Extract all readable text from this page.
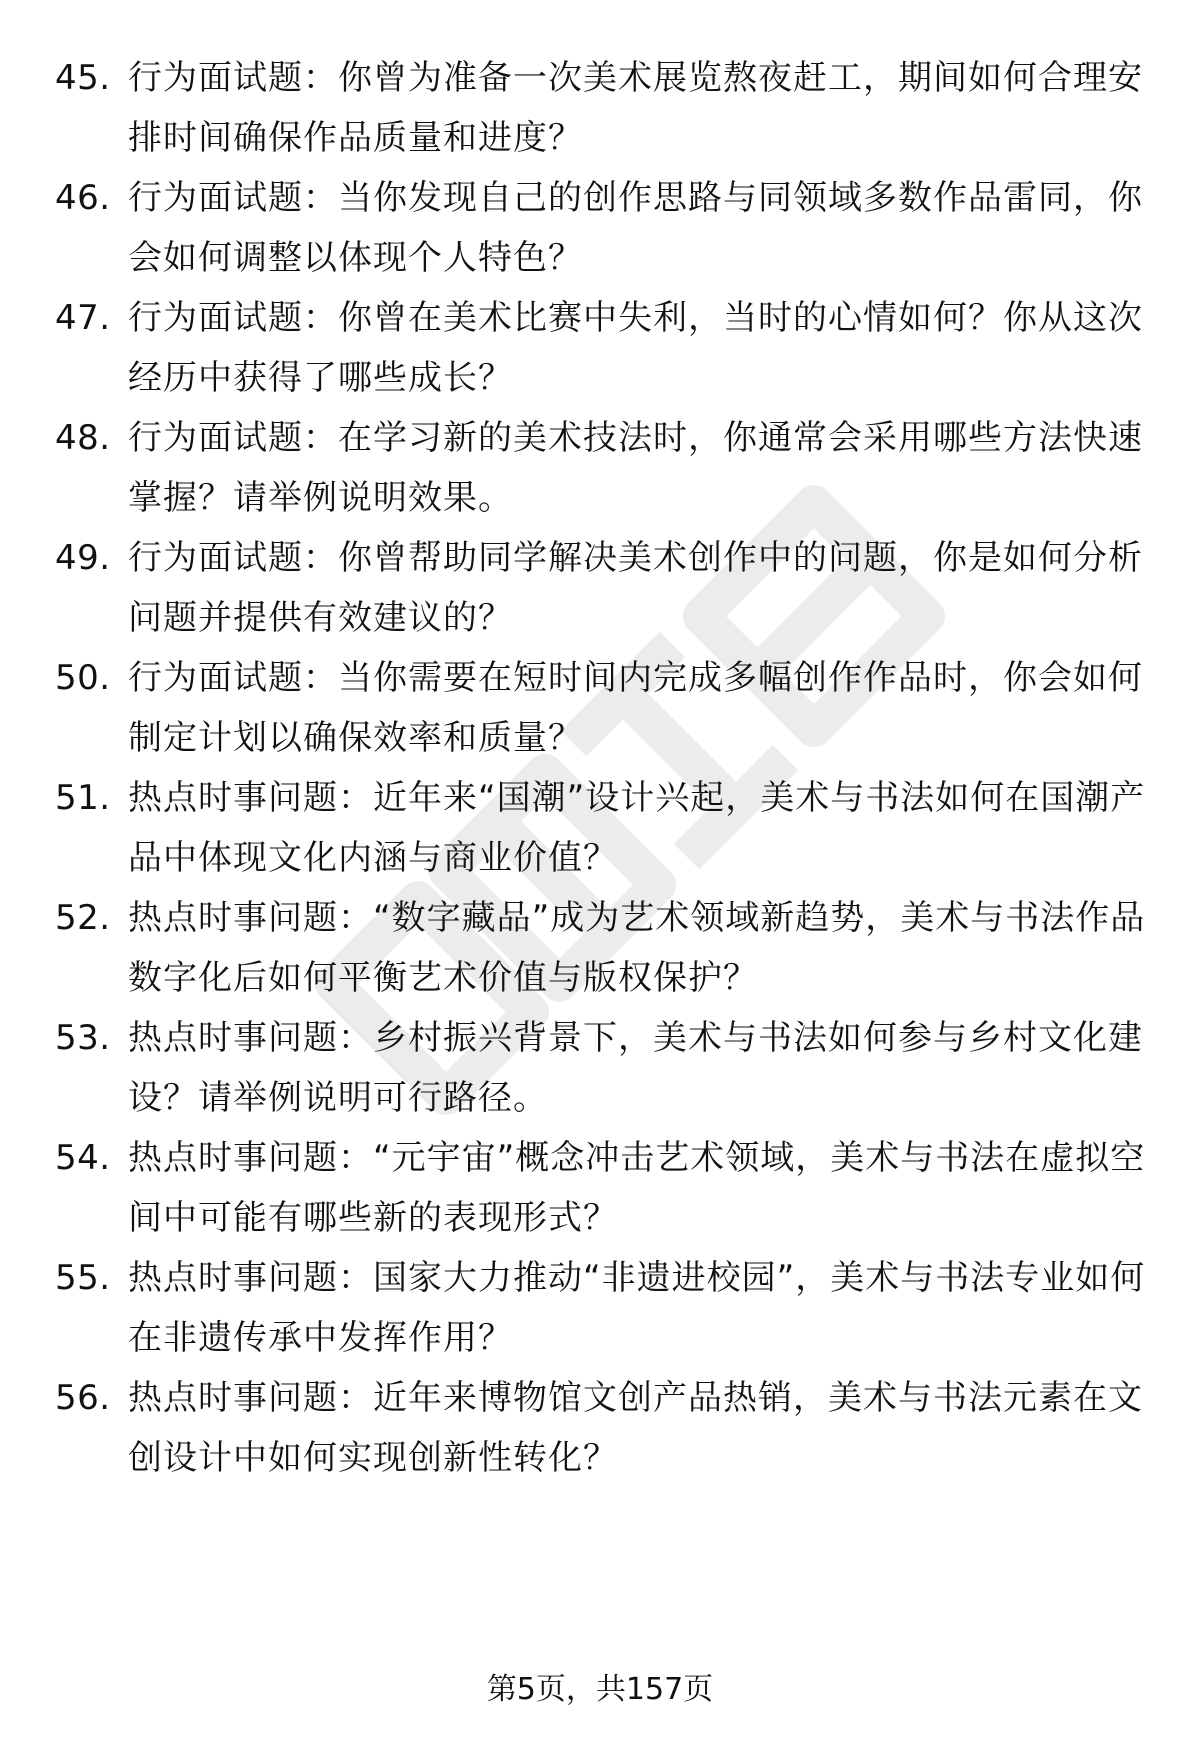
45. 行为面试题：你曾为准备一次美术展览熬夜赶工，期间如何合理安排时间确保作品质量和进度？
46. 行为面试题：当你发现自己的创作思路与同领域多数作品雷同，你会如何调整以体现个人特色？
47. 行为面试题：你曾在美术比赛中失利，当时的心情如何？你从这次经历中获得了哪些成长？
48. 行为面试题：在学习新的美术技法时，你通常会采用哪些方法快速掌握？请举例说明效果。
49. 行为面试题：你曾帮助同学解决美术创作中的问题，你是如何分析问题并提供有效建议的？
50. 行为面试题：当你需要在短时间内完成多幅创作作品时，你会如何制定计划以确保效率和质量？
51. 热点时事问题：近年来“国潮”设计兴起，美术与书法如何在国潮产品中体现文化内涵与商业价值？
52. 热点时事问题：“数字藏品”成为艺术领域新趋势，美术与书法作品数字化后如何平衡艺术价值与版权保护？
53. 热点时事问题：乡村振兴背景下，美术与书法如何参与乡村文化建设？请举例说明可行路径。
54. 热点时事问题：“元宇宙”概念冲击艺术领域，美术与书法在虚拟空间中可能有哪些新的表现形式？
55. 热点时事问题：国家大力推动“非遗进校园”，美术与书法专业如何在非遗传承中发挥作用？
56. 热点时事问题：近年来博物馆文创产品热销，美术与书法元素在文创设计中如何实现创新性转化？
第5页，共157页
